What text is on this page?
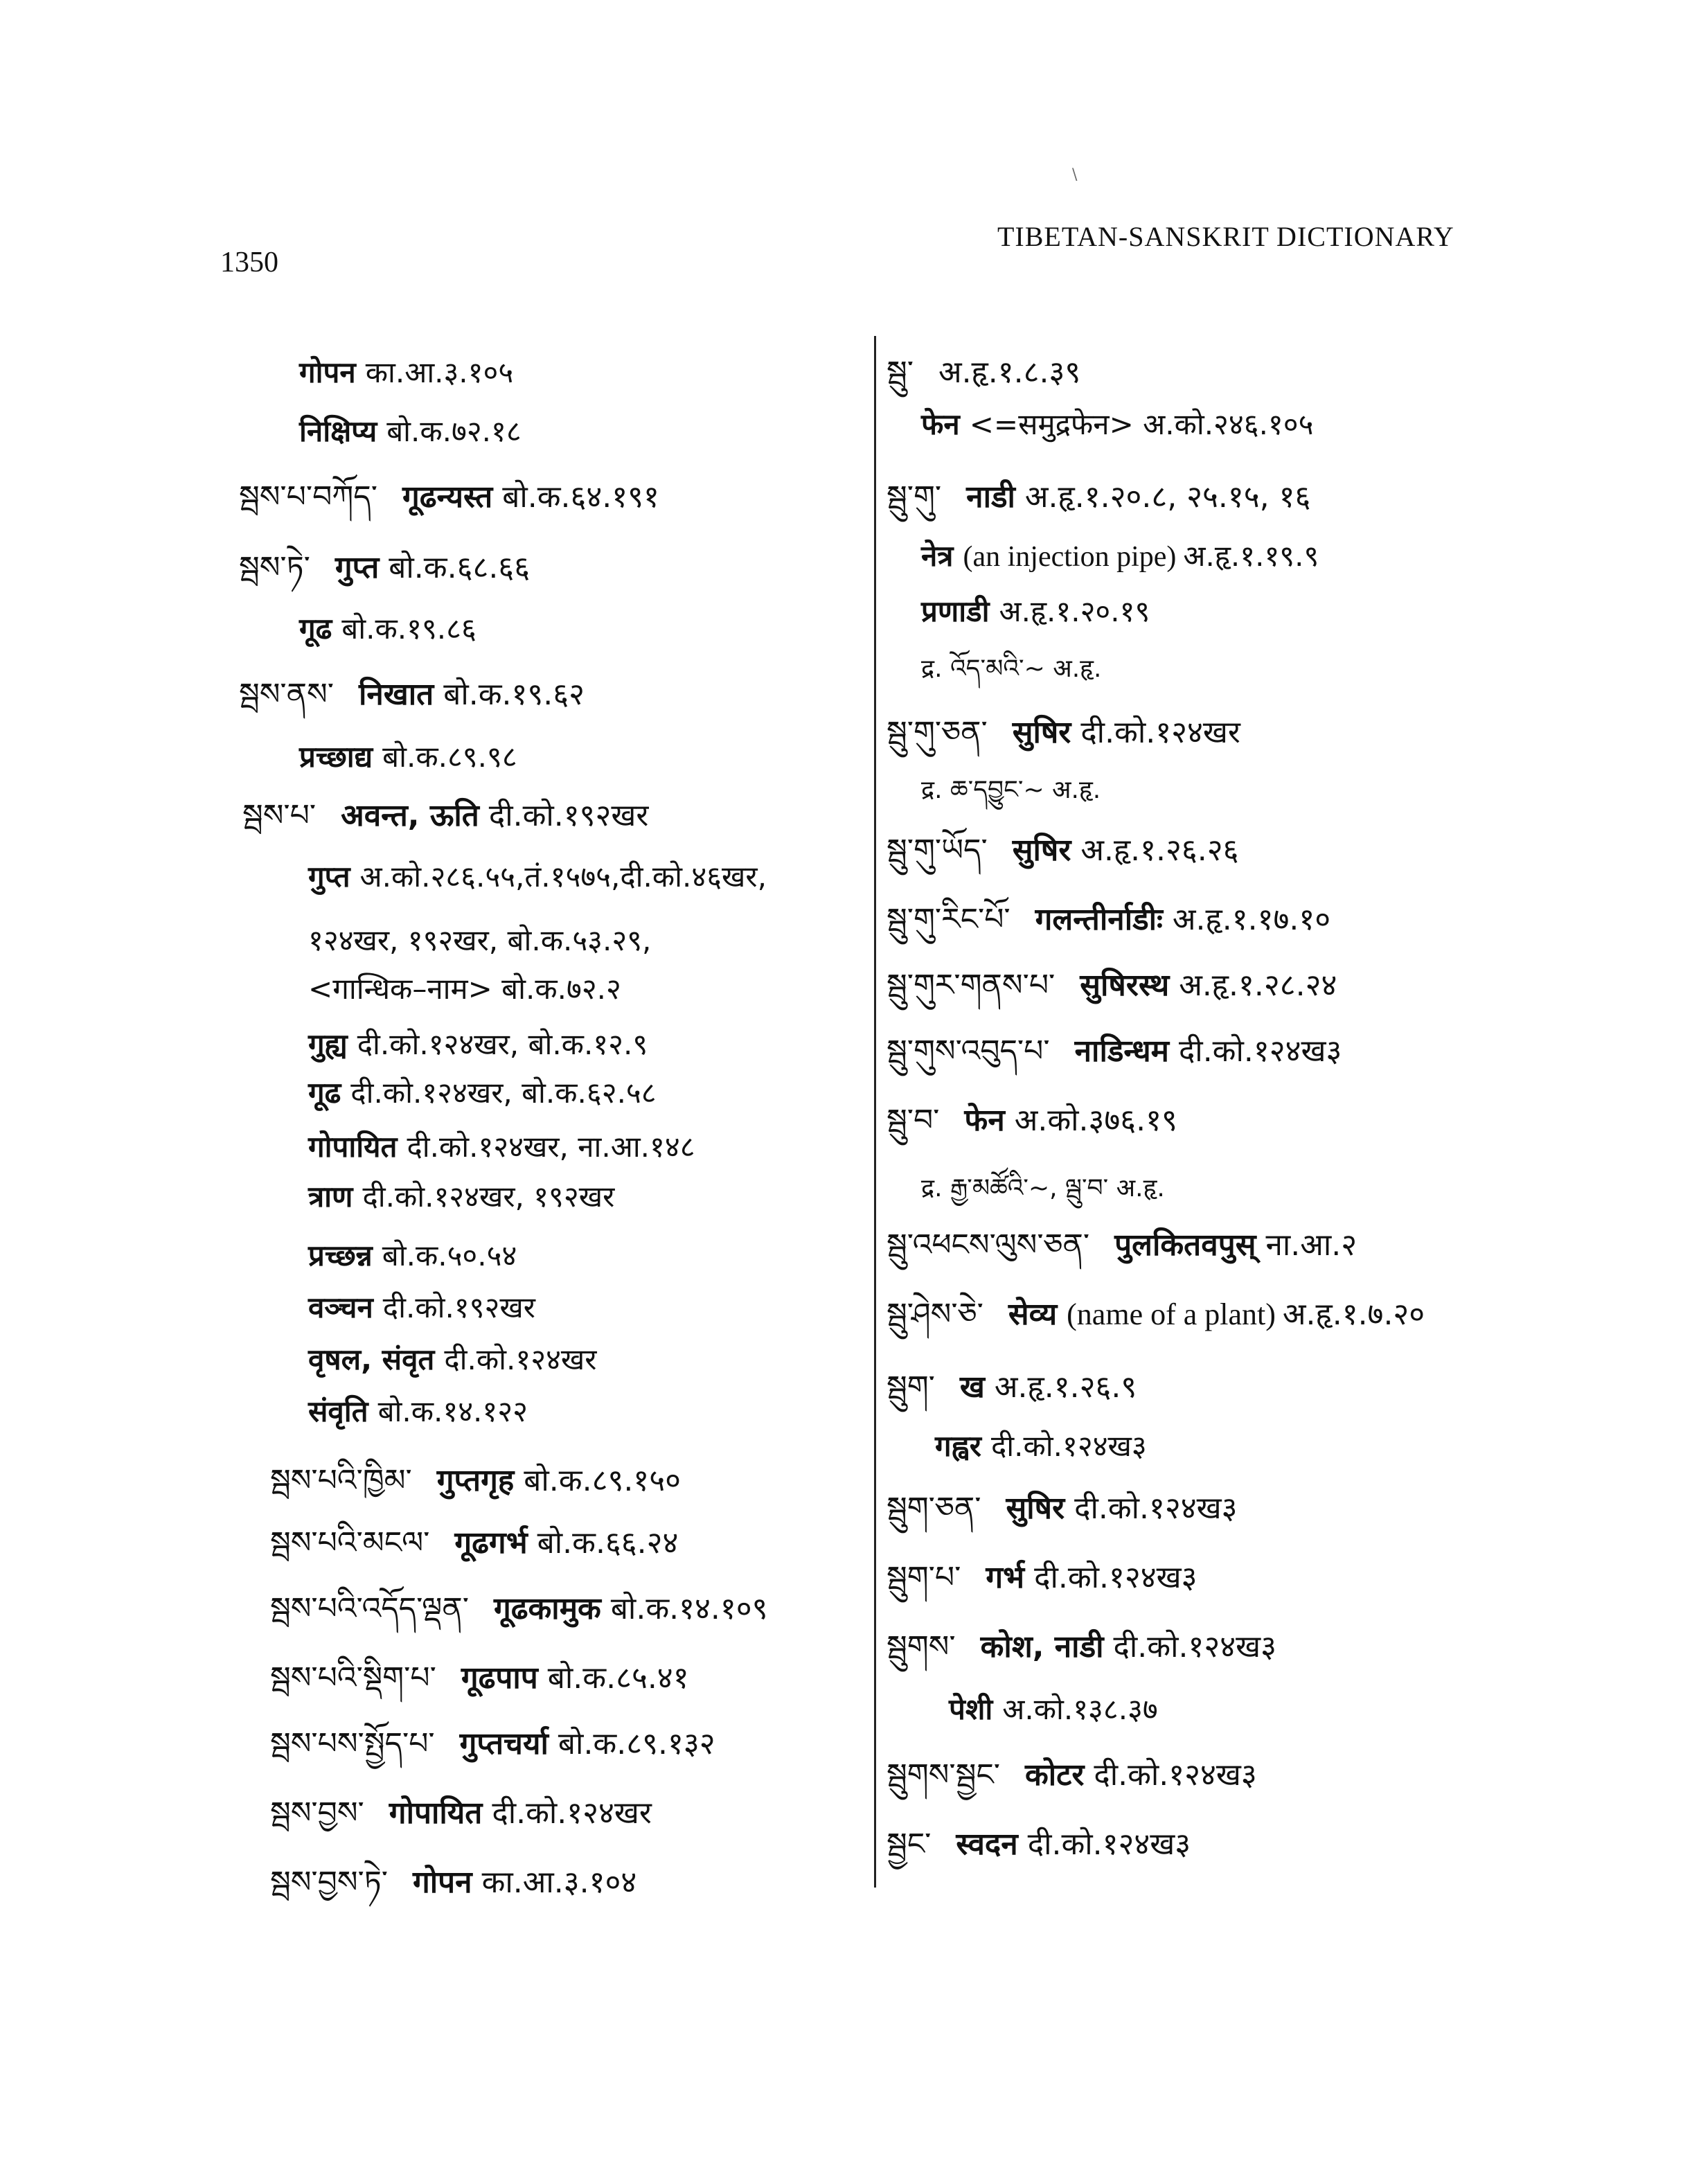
\
1350
TIBETAN-SANSKRIT DICTIONARY
गोपन का.आ.३.१०५
निक्षिप्य बो.क.७२.१८
སྦས་པ་བཀོད་ गूढन्यस्त बो.क.६४.१९१
སྦས་ཏེ་ गुप्त बो.क.६८.६६
गूढ बो.क.१९.८६
སྦས་ནས་ निखात बो.क.१९.६२
प्रच्छाद्य बो.क.८९.९८
སྦས་པ་ अवन्त, ऊति दी.को.१९२खर
गुप्त अ.को.२८६.५५,तं.१५७५,दी.को.४६खर,
१२४खर, १९२खर, बो.क.५३.२९,
<गान्धिक–नाम> बो.क.७२.२
गुह्य दी.को.१२४खर, बो.क.१२.९
गूढ दी.को.१२४खर, बो.क.६२.५८
गोपायित दी.को.१२४खर, ना.आ.१४८
त्राण दी.को.१२४खर, १९२खर
प्रच्छन्न बो.क.५०.५४
वञ्चन दी.को.१९२खर
वृषल, संवृत दी.को.१२४खर
संवृति बो.क.१४.१२२
སྦས་པའི་ཁྱིམ་ गुप्तगृह बो.क.८९.१५०
སྦས་པའི་མངལ་ गूढगर्भ बो.क.६६.२४
སྦས་པའི་འདོད་ལྡན་ गूढकामुक बो.क.१४.१०९
སྦས་པའི་སྡིག་པ་ गूढपाप बो.क.८५.४१
སྦས་པས་སྤྱོད་པ་ गुप्तचर्या बो.क.८९.१३२
སྦས་བྱས་ गोपायित दी.को.१२४खर
སྦས་བྱས་ཏེ་ गोपन का.आ.३.१०४
སྦུ་ अ.हृ.१.८.३९
फेन <=समुद्रफेन> अ.को.२४६.१०५
སྦུ་གུ་ नाडी अ.हृ.१.२०.८, २५.१५, १६
नेत्र (an injection pipe) अ.हृ.१.१९.९
प्रणाडी अ.हृ.१.२०.१९
द्र. འོད་མའི་~ अ.हृ.
སྦུ་གུ་ཅན་ सुषिर दी.को.१२४खर
द्र. ཆ་དབྱུང་~ अ.हृ.
སྦུ་གུ་ཡོད་ सुषिर अ.हृ.१.२६.२६
སྦུ་གུ་རིང་པོ་ गलन्तीर्नाडीः अ.हृ.१.१७.१०
སྦུ་གུར་གནས་པ་ सुषिरस्थ अ.हृ.१.२८.२४
སྦུ་གུས་འབུད་པ་ नाडिन्धम दी.को.१२४ख३
སྦུ་བ་ फेन अ.को.३७६.१९
द्र. རྒྱ་མཚོའི་~, ལྦུ་བ་ अ.हृ.
སྦུ་འཕངས་ལུས་ཅན་ पुलकितवपुस् ना.आ.२
སྦུ་ཤེས་ཅེ་ सेव्य (name of a plant) अ.हृ.१.७.२०
སྦུག་ ख अ.हृ.१.२६.९
गह्वर दी.को.१२४ख३
སྦུག་ཅན་ सुषिर दी.को.१२४ख३
སྦུག་པ་ गर्भ दी.को.१२४ख३
སྦུགས་ कोश, नाडी दी.को.१२४ख३
पेशी अ.को.१३८.३७
སྦུགས་སྦྱང་ कोटर दी.को.१२४ख३
སྦྱང་ स्वदन दी.को.१२४ख३
